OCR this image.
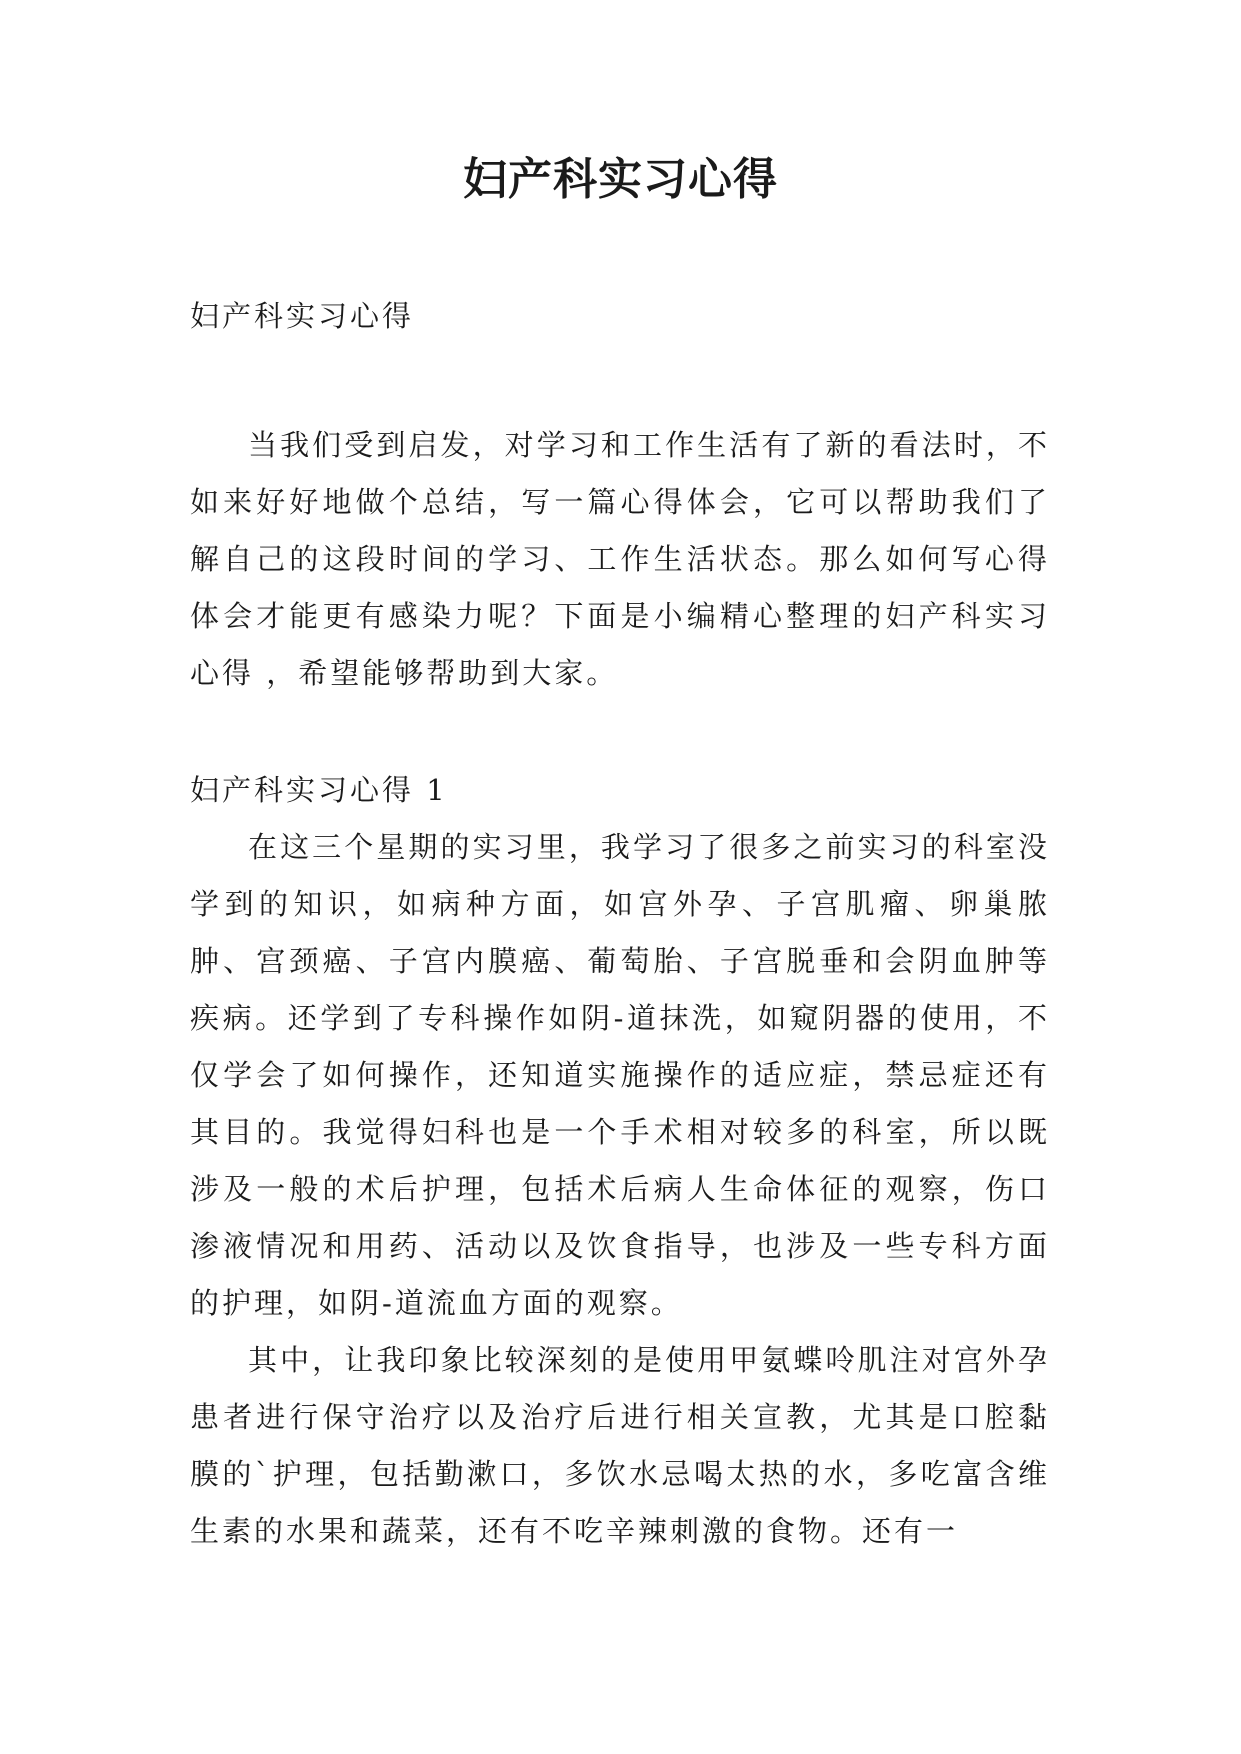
妇产科实习心得

妇产科实习心得

当我们受到启发，对学习和工作生活有了新的看法时，不如来好好地做个总结，写一篇心得体会，它可以帮助我们了解自己的这段时间的学习、工作生活状态。那么如何写心得体会才能更有感染力呢？下面是小编精心整理的妇产科实习心得 ，希望能够帮助到大家。

妇产科实习心得 1

在这三个星期的实习里，我学习了很多之前实习的科室没学到的知识，如病种方面，如宫外孕、子宫肌瘤、卵巢脓肿、宫颈癌、子宫内膜癌、葡萄胎、子宫脱垂和会阴血肿等疾病。还学到了专科操作如阴-道抹洗，如窥阴器的使用，不仅学会了如何操作，还知道实施操作的适应症，禁忌症还有其目的。我觉得妇科也是一个手术相对较多的科室，所以既涉及一般的术后护理，包括术后病人生命体征的观察，伤口渗液情况和用药、活动以及饮食指导，也涉及一些专科方面的护理，如阴-道流血方面的观察。

其中，让我印象比较深刻的是使用甲氨蝶呤肌注对宫外孕患者进行保守治疗以及治疗后进行相关宣教，尤其是口腔黏膜的`护理，包括勤漱口，多饮水忌喝太热的水，多吃富含维生素的水果和蔬菜，还有不吃辛辣刺激的食物。还有一
